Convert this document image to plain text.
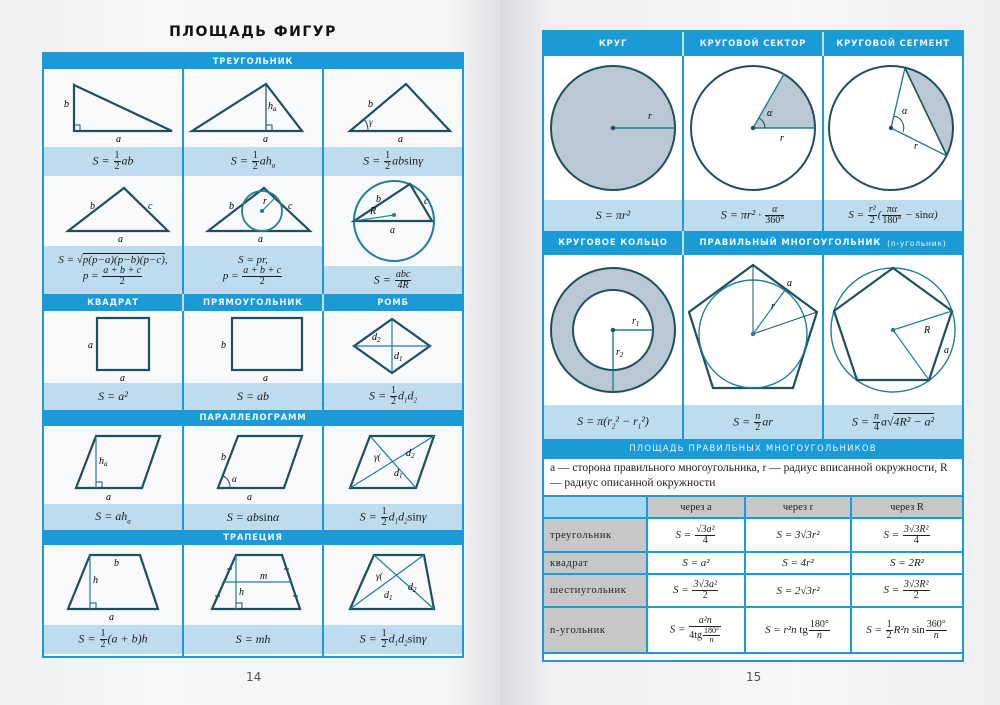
ПЛОЩАДЬ ФИГУР
ТРЕУГОЛЬНИК
b
a
$S = \frac{1}{2}$ ab
$h_a$
a
$S = \frac{1}{2} ah_a$
b
γ
a
$S = \frac{1}{2}$ absinγ
b	c
a
S = √p(p−a)(p−b)(p−c),
$p = \frac{a + b + c}{2}$
b	r c
a
S = pr,
$p = \frac{a + b + c}{2}$
b	c
R
a
$S = \frac{\text{abc}}{4R}$
КВАДРАТ	ПРЯМОУГОЛЬНИК	РОМБ
a
a
S = a²
b
a
S = ab
$d_2$
$d_1$
$S = \frac{1}{2} d_1d_2$
ПАРАЛЛЕЛОГРАММ
$h_a$
a
$S = ah_a$
b
α
a
S = absinα
γ(	$d_2$
$d_1$
$S = \frac{1}{2} d_1d_2\sin\gamma$
ТРАПЕЦИЯ
b
h
a
$S = \frac{1}{2} (a + b)h$
m
h
S = mh
γ(
$d_2$
$d_1$
$S = \frac{1}{2} d_1d_2\sin\gamma$
14
КРУГ	КРУГОВОЙ СЕКТОР	КРУГОВОЙ СЕГМЕНТ
r
S = πr²
α
r
$S = \pi r^2 \cdot \frac{\alpha}{360^\circ}$
α
r
$S = \frac{\text{r²}}{2}$ ( $\frac{\pi\alpha}{180^\circ} - \sin\alpha$)
КРУГОВОЕ КОЛЬЦО	ПРАВИЛЬНЫЙ МНОГОУГОЛЬНИК (n-угольник)
$r_1$
$r_2$
$S = \pi(r_2^2 - r_1^2)$
a
r
$S = \frac{n}{2}$ ar
R
a
$S = \frac{n}{4} a√4R^2 - a^2$
ПЛОЩАДЬ ПРАВИЛЬНЫХ МНОГОУГОЛЬНИКОВ
a — сторона правильного многоугольника, r — радиус вписанной окружности, R — радиус описанной окружности
	через a	через r	через R
треугольник	$S = \frac{\text{√3a²}}{4}$	S = 3√3r²	$S = \frac{\text{3√3R²}}{4}$

квадрат	S = a²	S = 4r²	S = 2R²
шестиугольник	$S = \frac{\text{3√3a²}}{2}$	S = 2√3r²	$S = \frac{\text{3√3R²}}{2}$

n-угольник	$S = \frac{\text{a²n}}{4tg \frac{180^\circ}{n}}$	S = r²n tg $\frac{180^\circ}{n}$	$S = \frac{1}{2} R^2n$ $\sin \frac{360^\circ}{n}$
15
